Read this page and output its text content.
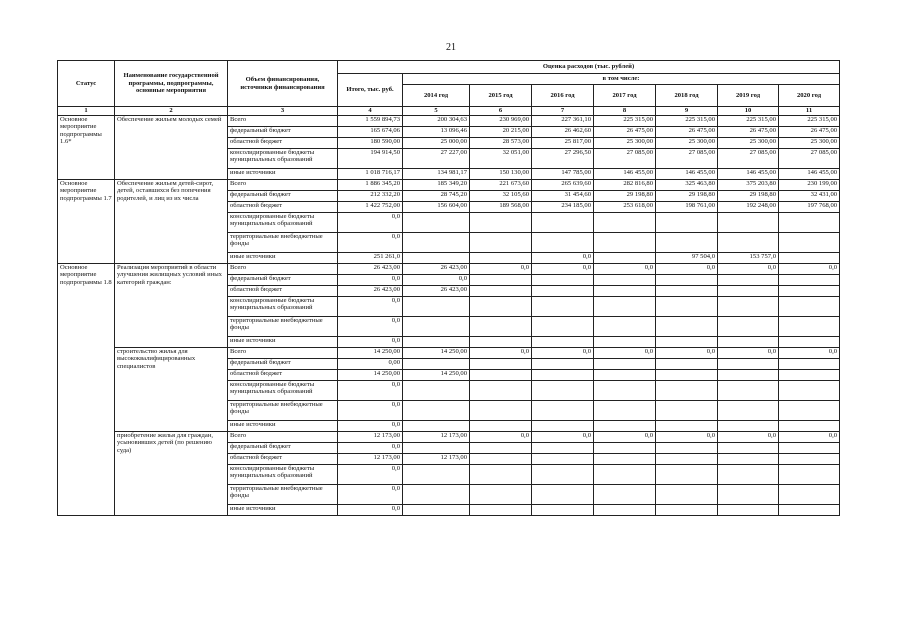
21
Статус	Наименование государственной программы, подпрограммы, основные мероприятия	Объем финансирования, источники финансирования	Оценка расходов (тыс. рублей)							
			Итого, тыс. руб.	в том числе:						
				2014 год	2015 год	2016 год	2017 год	2018 год	2019 год	2020 год
1	2	3	4	5	6	7	8	9	10	11
Основное мероприятие подпрограммы 1.6*	Обеспечение жильем молодых семей	Всего	1 559 894,73	200 304,63	230 969,00	227 361,10	225 315,00	225 315,00	225 315,00	225 315,00
		федеральный бюджет	165 674,06	13 096,46	20 215,00	26 462,60	26 475,00	26 475,00	26 475,00	26 475,00
		областной бюджет	180 590,00	25 000,00	28 573,00	25 817,00	25 300,00	25 300,00	25 300,00	25 300,00
		консолидированные бюджеты муниципальных образований	194 914,50	27 227,00	32 051,00	27 296,50	27 085,00	27 085,00	27 085,00	27 085,00
		иные источники	1 018 716,17	134 981,17	150 130,00	147 785,00	146 455,00	146 455,00	146 455,00	146 455,00
Основное мероприятие подпрограммы 1.7	Обеспечение жильем детей-сирот, детей, оставшихся без попечения родителей, и лиц из их числа	Всего	1 886 345,20	185 349,20	221 673,60	265 639,60	282 816,80	325 463,80	375 203,80	230 199,00
		федеральный бюджет	212 332,20	28 745,20	32 105,60	31 454,60	29 198,80	29 198,80	29 198,80	32 431,00
		областной бюджет	1 422 752,00	156 604,00	189 568,00	234 185,00	253 618,00	198 761,00	192 248,00	197 768,00
		консолидированные бюджеты муниципальных образований	0,0							
		территориальные внебюджетные фонды	0,0							
		иные источники	251 261,0			0,0		97 504,0	153 757,0	
Основное мероприятие подпрограммы 1.8	Реализация мероприятий в области улучшения жилищных условий иных категорий граждан:	Всего	26 423,00	26 423,00	0,0	0,0	0,0	0,0	0,0	0,0
		федеральный бюджет	0,0	0,0						
		областной бюджет	26 423,00	26 423,00						
		консолидированные бюджеты муниципальных образований	0,0							
		территориальные внебюджетные фонды	0,0							
		иные источники	0,0							
	строительство жилья для высококвалифицированных специалистов	Всего	14 250,00	14 250,00	0,0	0,0	0,0	0,0	0,0	0,0
		федеральный бюджет	0,00							
		областной бюджет	14 250,00	14 250,00						
		консолидированные бюджеты муниципальных образований	0,0							
		территориальные внебюджетные фонды	0,0							
		иные источники	0,0							
	приобретение жилья для граждан, усыновивших детей (по решению суда)	Всего	12 173,00	12 173,00	0,0	0,0	0,0	0,0	0,0	0,0
		федеральный бюджет	0,0							
		областной бюджет	12 173,00	12 173,00						
		консолидированные бюджеты муниципальных образований	0,0							
		территориальные внебюджетные фонды	0,0							
		иные источники	0,0							
